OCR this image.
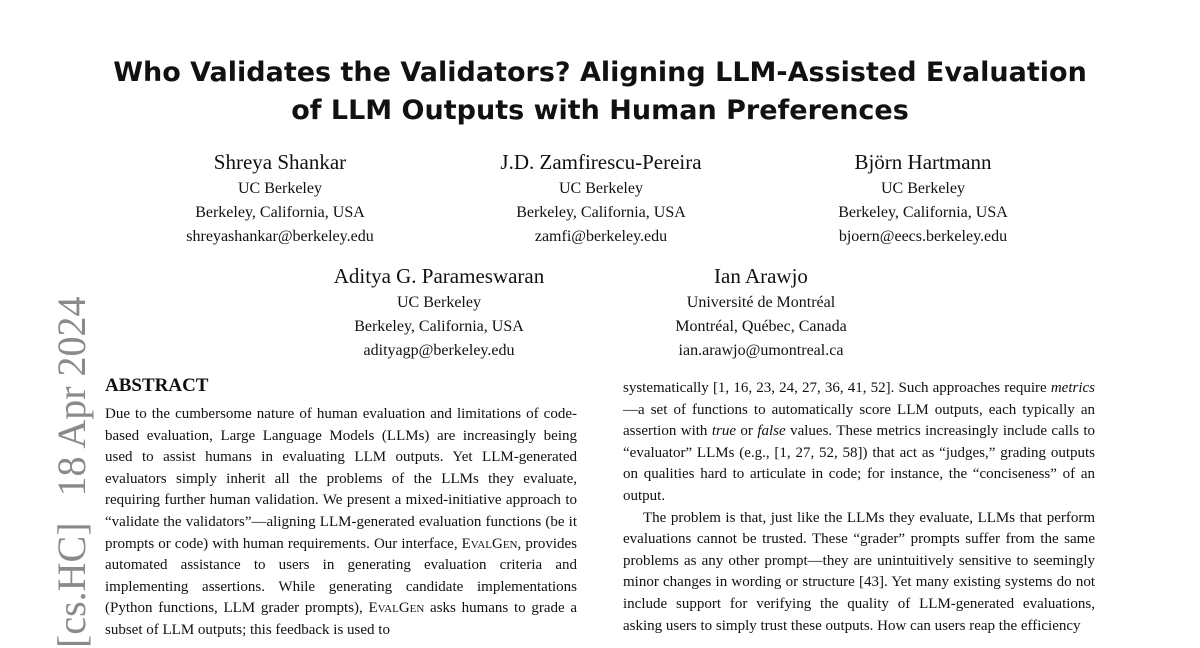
Who Validates the Validators? Aligning LLM-Assisted Evaluation
of LLM Outputs with Human Preferences
Shreya Shankar
UC Berkeley
Berkeley, California, USA
shreyashankar@berkeley.edu
J.D. Zamfirescu-Pereira
UC Berkeley
Berkeley, California, USA
zamfi@berkeley.edu
Björn Hartmann
UC Berkeley
Berkeley, California, USA
bjoern@eecs.berkeley.edu
Aditya G. Parameswaran
UC Berkeley
Berkeley, California, USA
adityagp@berkeley.edu
Ian Arawjo
Université de Montréal
Montréal, Québec, Canada
ian.arawjo@umontreal.ca
[cs.HC]18 Apr 2024 ABSTRACT

Due to the cumbersome nature of human evaluation and limitations of code-based evaluation, Large Language Models (LLMs) are increasingly being used to assist humans in evaluating LLM outputs. Yet LLM-generated evaluators simply inherit all the problems of the LLMs they evaluate, requiring further human validation. We present a mixed-initiative approach to “validate the validators”—aligning LLM-generated evaluation functions (be it prompts or code) with human requirements. Our interface, EvalGen, provides automated assistance to users in generating evaluation criteria and implementing assertions. While generating candidate implementations (Python functions, LLM grader prompts), EvalGen asks humans to grade a subset of LLM outputs; this feedback is used to

systematically [1, 16, 23, 24, 27, 36, 41, 52]. Such approaches require metrics—a set of functions to automatically score LLM outputs, each typically an assertion with true or false values. These metrics increasingly include calls to “evaluator” LLMs (e.g., [1, 27, 52, 58]) that act as “judges,” grading outputs on qualities hard to articulate in code; for instance, the “conciseness” of an output.

The problem is that, just like the LLMs they evaluate, LLMs that perform evaluations cannot be trusted. These “grader” prompts suffer from the same problems as any other prompt—they are unintuitively sensitive to seemingly minor changes in wording or structure [43]. Yet many existing systems do not include support for verifying the quality of LLM-generated evaluations, asking users to simply trust these outputs. How can users reap the efficiency
